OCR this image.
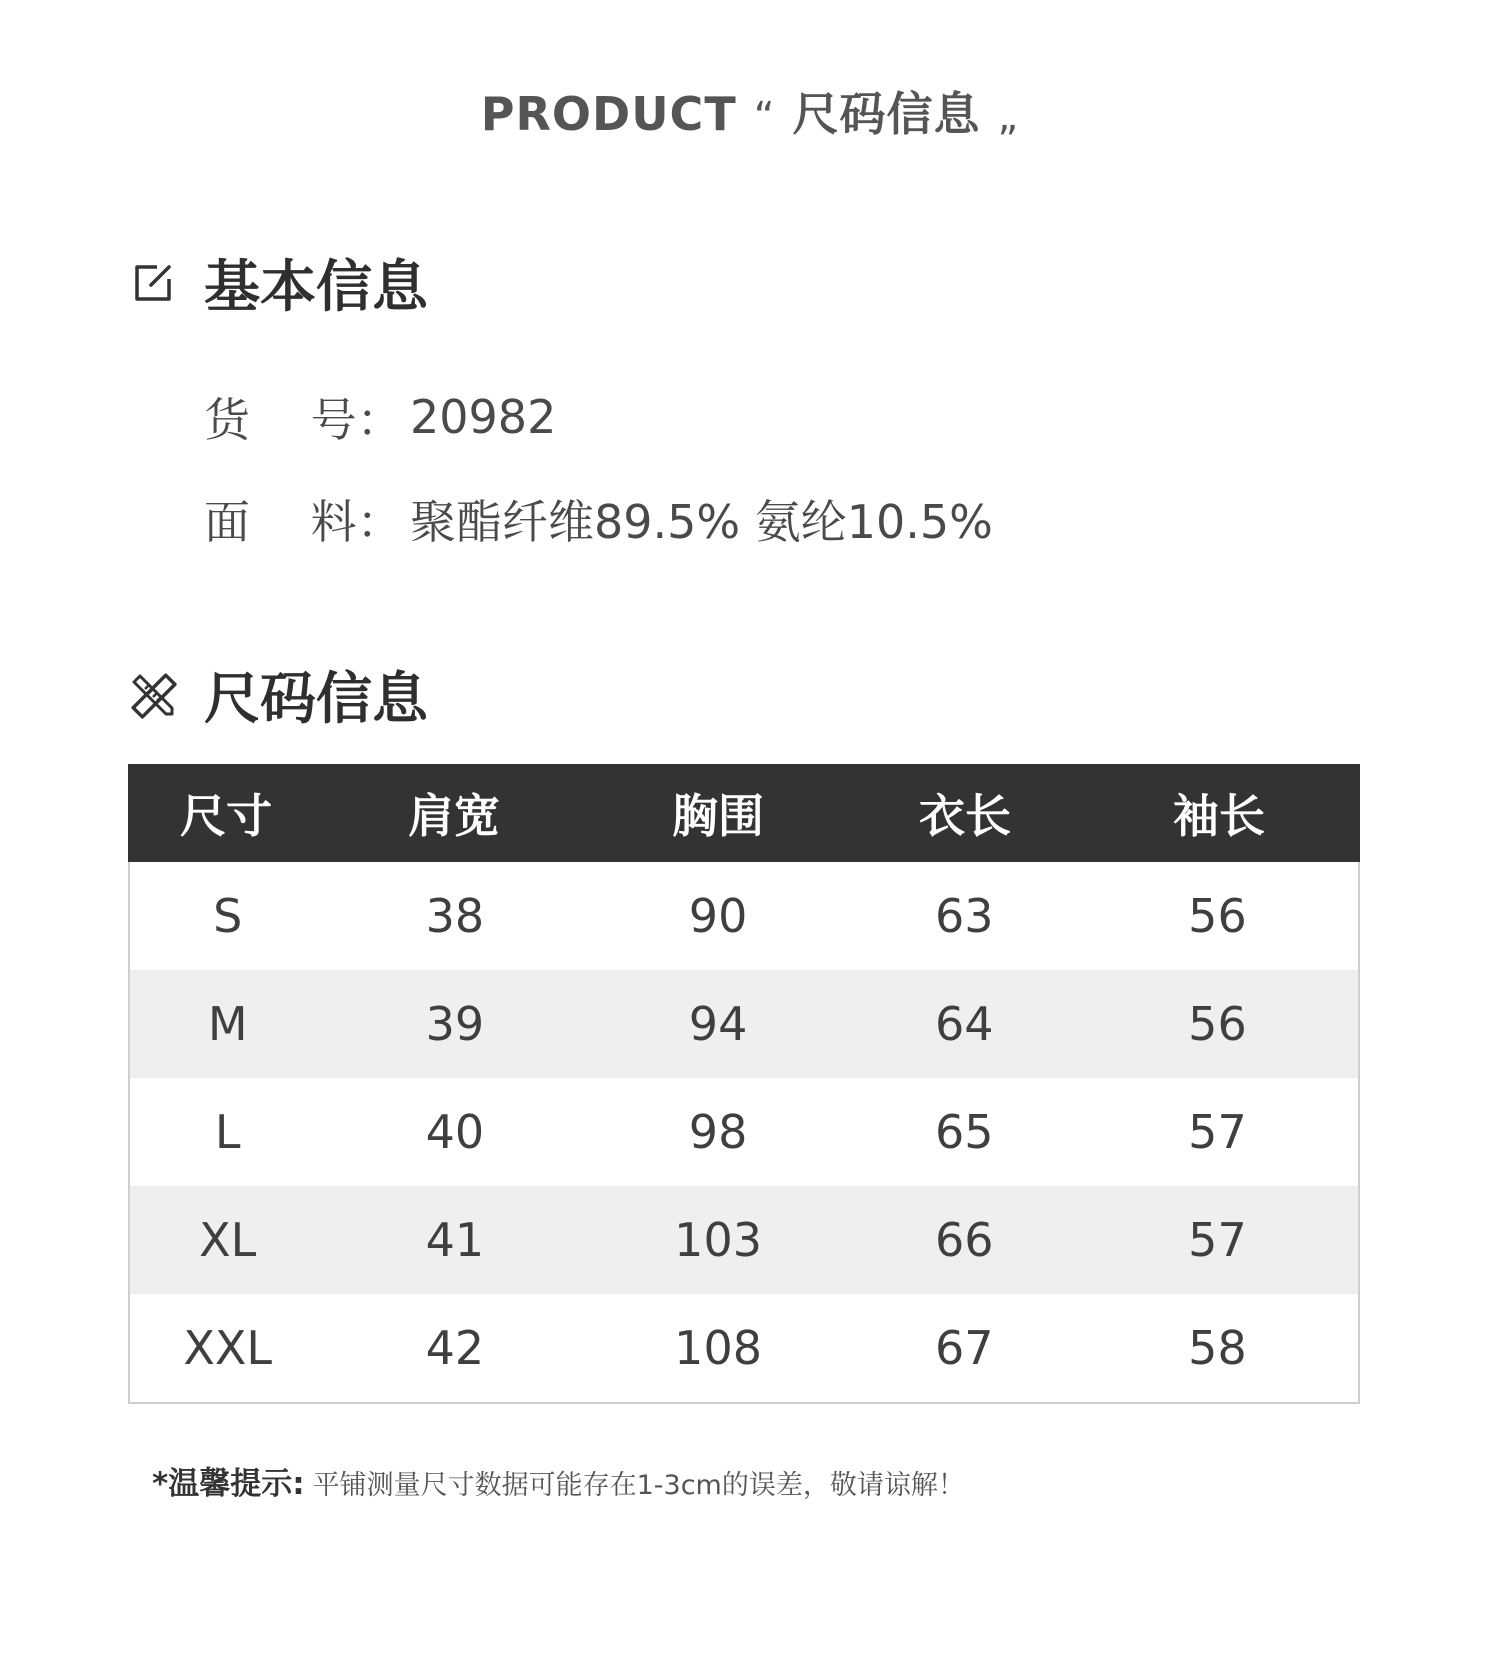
PRODUCT “ 尺码信息 „
基本信息
货　 号： 20982
面　 料： 聚酯纤维89.5% 氨纶10.5%
尺码信息
尺寸	肩宽	胸围	衣长	袖长
S	38	90	63	56
M	39	94	64	56
L	40	98	65	57
XL	41	103	66	57
XXL	42	108	67	58
*温馨提示: 平铺测量尺寸数据可能存在1-3cm的误差，敬请谅解！
